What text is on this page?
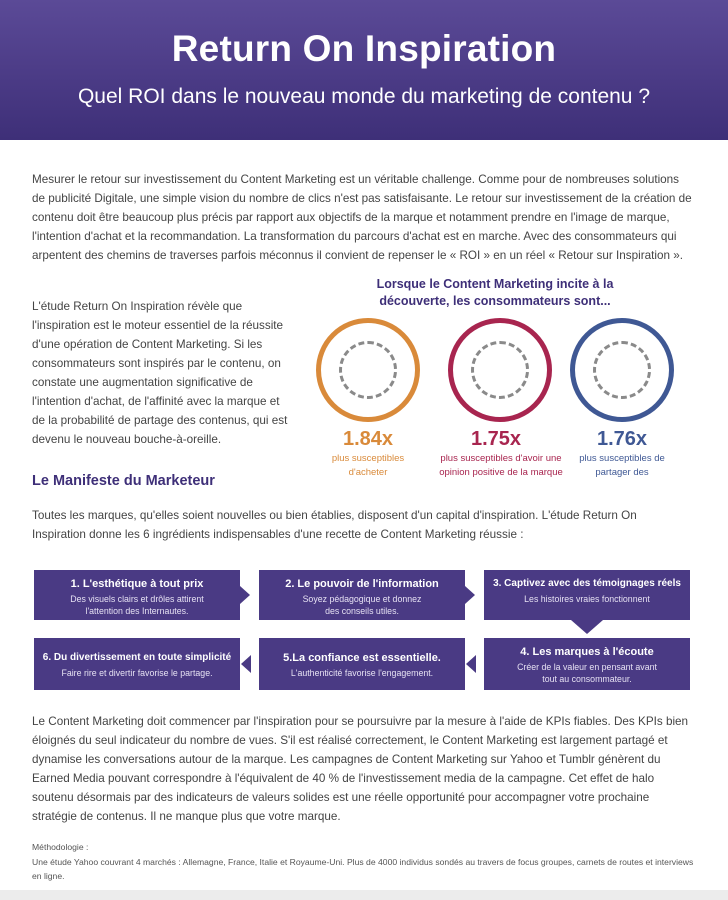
Return On Inspiration
Quel ROI dans le nouveau monde du marketing de contenu ?

Mesurer le retour sur investissement du Content Marketing est un véritable challenge. Comme pour de nombreuses solutions de publicité Digitale, une simple vision du nombre de clics n'est pas satisfaisante. Le retour sur investissement de la création de contenu doit être beaucoup plus précis par rapport aux objectifs de la marque et notamment prendre en l'image de marque, l'intention d'achat et la recommandation. La transformation du parcours d'achat est en marche. Avec des consommateurs qui arpentent des chemins de traverses parfois méconnus il convient de repenser le « ROI » en un réel « Retour sur Inspiration ».

L'étude Return On Inspiration révèle que l'inspiration est le moteur essentiel de la réussite d'une opération de Content Marketing. Si les consommateurs sont inspirés par le contenu, on constate une augmentation significative de l'intention d'achat, de l'affinité avec la marque et de la probabilité de partage des contenus, qui est devenu le nouveau bouche-à-oreille.

Lorsque le Content Marketing incite à la découverte, les consommateurs sont...
1.84x
plus susceptibles d'acheter
1.75x
plus susceptibles d'avoir une opinion positive de la marque
1.76x
plus susceptibles de partager des
Le Manifeste du Marketeur

Toutes les marques, qu'elles soient nouvelles ou bien établies, disposent d'un capital d'inspiration. L'étude Return On Inspiration donne les 6 ingrédients indispensables d'une recette de Content Marketing réussie :

1. L'esthétique à tout prix
Des visuels clairs et drôles attirent l'attention des Internautes.
2. Le pouvoir de l'information
Soyez pédagogique et donnez des conseils utiles.
3. Captivez avec des témoignages réels
Les histoires vraies fonctionnent
4. Les marques à l'écoute
Créer de la valeur en pensant avant tout au consommateur.
5.La confiance est essentielle.
L'authenticité favorise l'engagement.
6. Du divertissement en toute simplicité
Faire rire et divertir favorise le partage.

Le Content Marketing doit commencer par l'inspiration pour se poursuivre par la mesure à l'aide de KPIs fiables. Des KPIs bien éloignés du seul indicateur du nombre de vues. S'il est réalisé correctement, le Content Marketing est largement partagé et dynamise les conversations autour de la marque. Les campagnes de Content Marketing sur Yahoo et Tumblr génèrent du Earned Media pouvant correspondre à l'équivalent de 40 % de l'investissement media de la campagne. Cet effet de halo soutenu désormais par des indicateurs de valeurs solides est une réelle opportunité pour accompagner votre prochaine stratégie de contenus. Il ne manque plus que votre marque.

Méthodologie :

Une étude Yahoo couvrant 4 marchés : Allemagne, France, Italie et Royaume-Uni. Plus de 4000 individus sondés au travers de focus groupes, carnets de routes et interviews en ligne.
